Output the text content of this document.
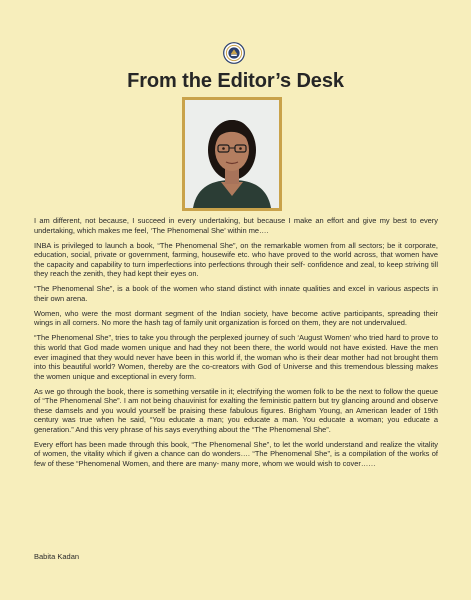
From the Editor’s Desk

I am different, not because, I succeed in every undertaking, but because I make an effort and give my best to every undertaking, which makes me feel, ‘The Phenomenal She’ within me….

INBA is privileged to launch a book, “The Phenomenal She”, on the remarkable women from all sectors; be it corporate, education, social, private or government, farming, housewife etc. who have proved to the world across, that women have the capacity and capability to turn imperfections into perfections through their self- confidence and zeal, to keep striving till they reach the zenith, they had kept their eyes on.

“The Phenomenal She”, is a book of the women who stand distinct with innate qualities and excel in various aspects in their own arena.

Women, who were the most dormant segment of the Indian society, have become active participants, spreading their wings in all corners. No more the hash tag of family unit organization is forced on them, they are not undervalued.

“The Phenomenal She”, tries to take you through the perplexed journey of such ‘August Women’ who tried hard to prove to this world that God made women unique and had they not been there, the world would not have existed. Have the men ever imagined that they would never have been in this world if, the woman who is their dear mother had not brought them into this beautiful world? Women, thereby are the co-creators with God of Universe and this tremendous blessing makes the women unique and exceptional in every form.

As we go through the book, there is something versatile in it; electrifying the women folk to be the next to follow the queue of “The Phenomenal She”. I am not being chauvinist for exalting the feministic pattern but try glancing around and observe these damsels and you would yourself be praising these fabulous figures. Brigham Young, an American leader of 19th century was true when he said, “You educate a man; you educate a man. You educate a woman; you educate a generation.” And this very phrase of his says everything about the “The Phenomenal She”.

Every effort has been made through this book, “The Phenomenal She”, to let the world understand and realize the vitality of women, the vitality which if given a chance can do wonders…. “The Phenomenal She”, is a compilation of the works of few of these “Phenomenal Women, and there are many- many more, whom we would wish to cover……

Babita Kadan
